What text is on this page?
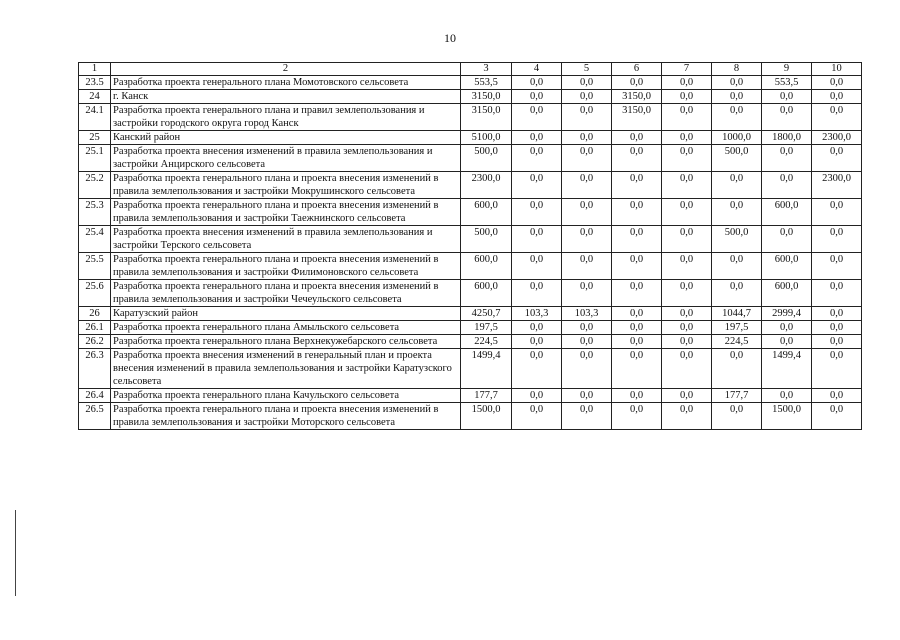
10
1	2	3	4	5	6	7	8	9	10
23.5	Разработка проекта генерального плана Момотовского сельсовета	553,5	0,0	0,0	0,0	0,0	0,0	553,5	0,0
24	г. Канск	3150,0	0,0	0,0	3150,0	0,0	0,0	0,0	0,0
24.1	Разработка проекта генерального плана и правил землепользования и застройки городского округа город Канск	3150,0	0,0	0,0	3150,0	0,0	0,0	0,0	0,0
25	Канский район	5100,0	0,0	0,0	0,0	0,0	1000,0	1800,0	2300,0
25.1	Разработка проекта внесения изменений в правила землепользования и застройки Анцирского сельсовета	500,0	0,0	0,0	0,0	0,0	500,0	0,0	0,0
25.2	Разработка проекта генерального плана и проекта внесения изменений в правила землепользования и застройки Мокрушинского сельсовета	2300,0	0,0	0,0	0,0	0,0	0,0	0,0	2300,0
25.3	Разработка проекта генерального плана и проекта внесения изменений в правила землепользования и застройки Таежнинского сельсовета	600,0	0,0	0,0	0,0	0,0	0,0	600,0	0,0
25.4	Разработка проекта внесения изменений в правила землепользования и застройки Терского сельсовета	500,0	0,0	0,0	0,0	0,0	500,0	0,0	0,0
25.5	Разработка проекта генерального плана и проекта внесения изменений в правила землепользования и застройки Филимоновского сельсовета	600,0	0,0	0,0	0,0	0,0	0,0	600,0	0,0
25.6	Разработка проекта генерального плана и проекта внесения изменений в правила землепользования и застройки Чечеульского сельсовета	600,0	0,0	0,0	0,0	0,0	0,0	600,0	0,0
26	Каратузский район	4250,7	103,3	103,3	0,0	0,0	1044,7	2999,4	0,0
26.1	Разработка проекта генерального плана Амыльского сельсовета	197,5	0,0	0,0	0,0	0,0	197,5	0,0	0,0
26.2	Разработка проекта генерального плана Верхнекужебарского сельсовета	224,5	0,0	0,0	0,0	0,0	224,5	0,0	0,0
26.3	Разработка проекта внесения изменений в генеральный план и проекта внесения изменений в правила землепользования и застройки Каратузского сельсовета	1499,4	0,0	0,0	0,0	0,0	0,0	1499,4	0,0
26.4	Разработка проекта генерального плана Качульского сельсовета	177,7	0,0	0,0	0,0	0,0	177,7	0,0	0,0
26.5	Разработка проекта генерального плана и проекта внесения изменений в правила землепользования и застройки Моторского сельсовета	1500,0	0,0	0,0	0,0	0,0	0,0	1500,0	0,0
